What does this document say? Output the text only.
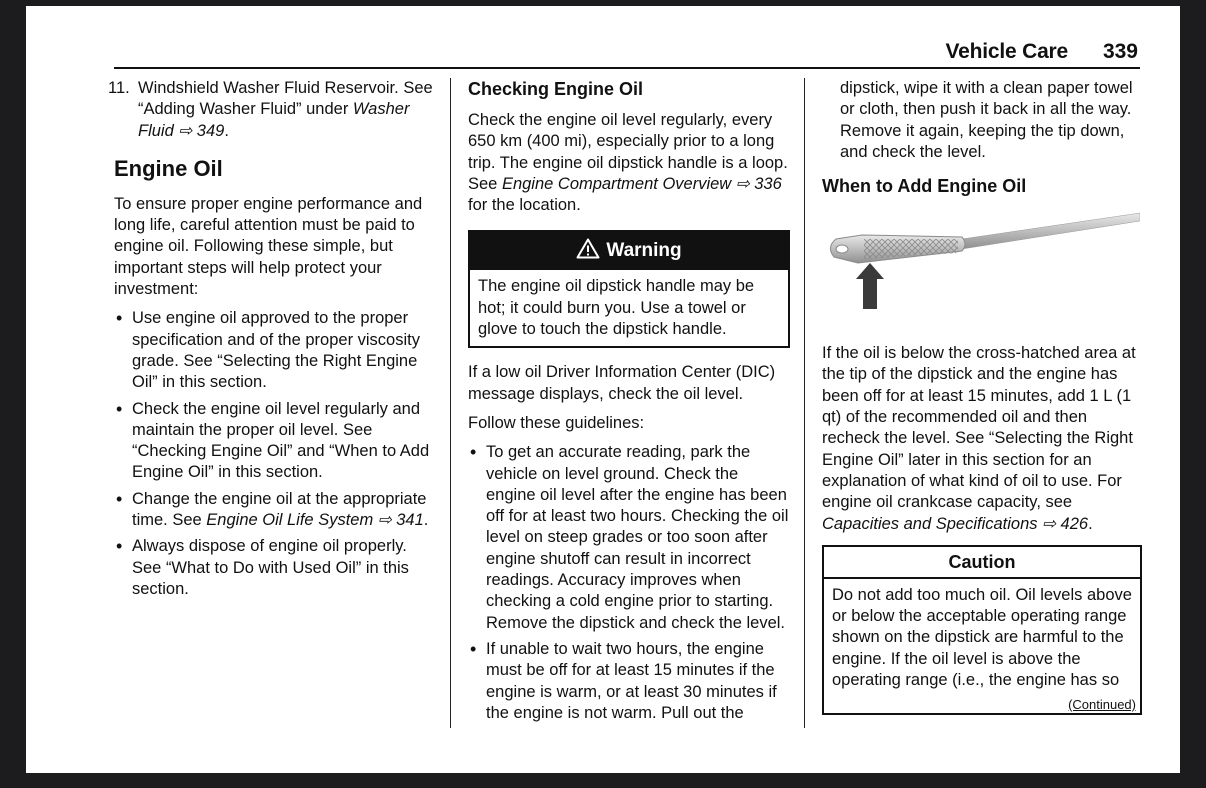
Vehicle Care 339
11. Windshield Washer Fluid Reservoir. See “Adding Washer Fluid” under Washer Fluid ⇨ 349.
Engine Oil

To ensure proper engine performance and long life, careful attention must be paid to engine oil. Following these simple, but important steps will help protect your investment:

• Use engine oil approved to the proper specification and of the proper viscosity grade. See “Selecting the Right Engine Oil” in this section.
• Check the engine oil level regularly and maintain the proper oil level. See “Checking Engine Oil” and “When to Add Engine Oil” in this section.
• Change the engine oil at the appropriate time. See Engine Oil Life System ⇨ 341.
• Always dispose of engine oil properly. See “What to Do with Used Oil” in this section.
Checking Engine Oil

Check the engine oil level regularly, every 650 km (400 mi), especially prior to a long trip. The engine oil dipstick handle is a loop. See Engine Compartment Overview ⇨ 336 for the location.

Warning
The engine oil dipstick handle may be hot; it could burn you. Use a towel or glove to touch the dipstick handle.

If a low oil Driver Information Center (DIC) message displays, check the oil level.

Follow these guidelines:

• To get an accurate reading, park the vehicle on level ground. Check the engine oil level after the engine has been off for at least two hours. Checking the oil level on steep grades or too soon after engine shutoff can result in incorrect readings. Accuracy improves when checking a cold engine prior to starting. Remove the dipstick and check the level.
• If unable to wait two hours, the engine must be off for at least 15 minutes if the engine is warm, or at least 30 minutes if the engine is not warm. Pull out the

dipstick, wipe it with a clean paper towel or cloth, then push it back in all the way. Remove it again, keeping the tip down, and check the level.

When to Add Engine Oil

If the oil is below the cross-hatched area at the tip of the dipstick and the engine has been off for at least 15 minutes, add 1 L (1 qt) of the recommended oil and then recheck the level. See “Selecting the Right Engine Oil” later in this section for an explanation of what kind of oil to use. For engine oil crankcase capacity, see Capacities and Specifications ⇨ 426.

Caution
Do not add too much oil. Oil levels above or below the acceptable operating range shown on the dipstick are harmful to the engine. If the oil level is above the operating range (i.e., the engine has so
(Continued)
